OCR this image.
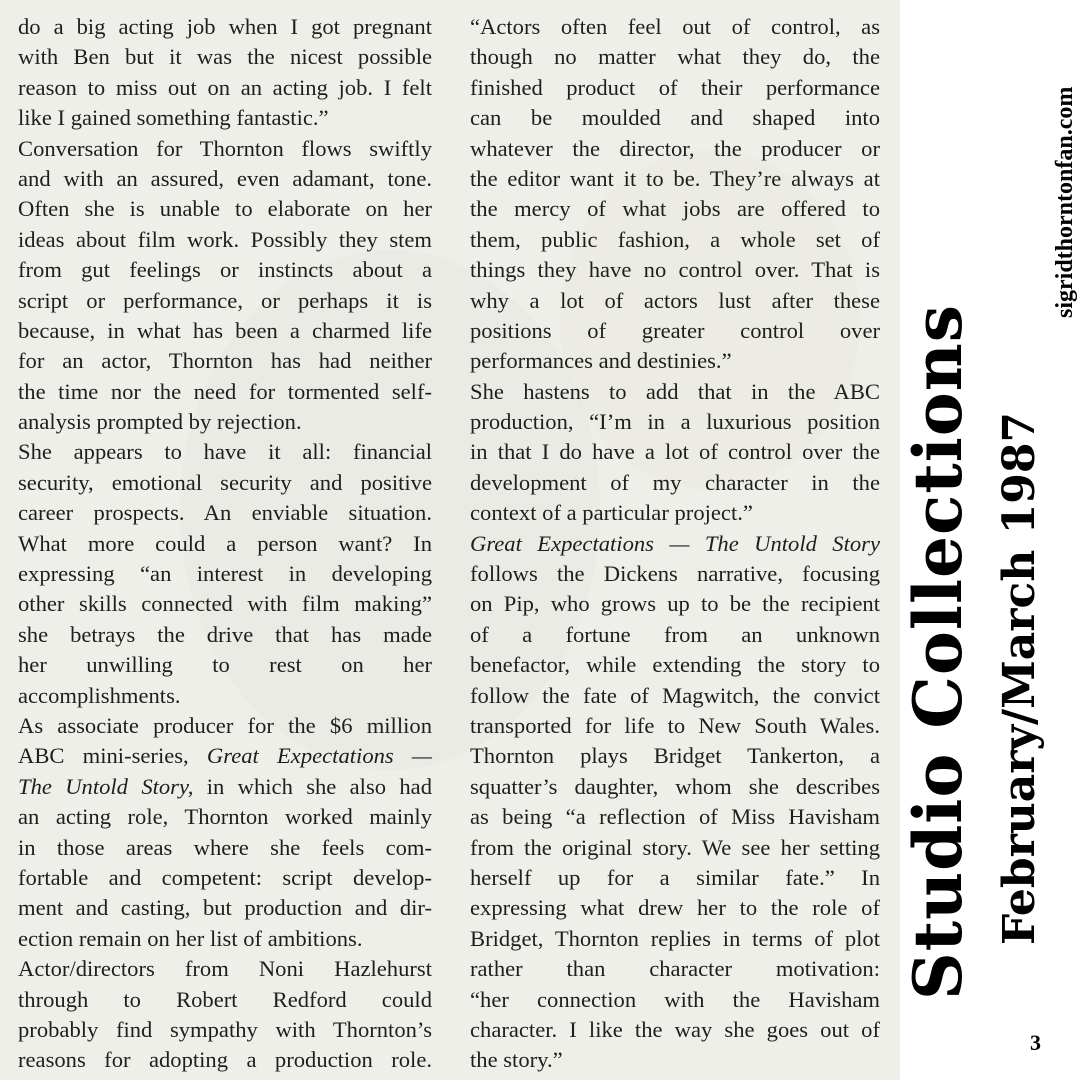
do a big acting job when I got pregnant
with Ben but it was the nicest possible
reason to miss out on an acting job. I felt
like I gained something fantastic.”
Conversation for Thornton flows swiftly
and with an assured, even adamant, tone.
Often she is unable to elaborate on her
ideas about film work. Possibly they stem
from gut feelings or instincts about a
script or performance, or perhaps it is
because, in what has been a charmed life
for an actor, Thornton has had neither
the time nor the need for tormented self-
analysis prompted by rejection.
She appears to have it all: financial
security, emotional security and positive
career prospects. An enviable situation.
What more could a person want? In
expressing “an interest in developing
other skills connected with film making”
she betrays the drive that has made
her unwilling to rest on her
accomplishments.
As associate producer for the $6 million
ABC mini-series, Great Expectations —
The Untold Story, in which she also had
an acting role, Thornton worked mainly
in those areas where she feels com-
fortable and competent: script develop-
ment and casting, but production and dir-
ection remain on her list of ambitions.
Actor/directors from Noni Hazlehurst
through to Robert Redford could
probably find sympathy with Thornton’s
reasons for adopting a production role.
“Actors often feel out of control, as
though no matter what they do, the
finished product of their performance
can be moulded and shaped into
whatever the director, the producer or
the editor want it to be. They’re always at
the mercy of what jobs are offered to
them, public fashion, a whole set of
things they have no control over. That is
why a lot of actors lust after these
positions of greater control over
performances and destinies.”
She hastens to add that in the ABC
production, “I’m in a luxurious position
in that I do have a lot of control over the
development of my character in the
context of a particular project.”
Great Expectations — The Untold Story
follows the Dickens narrative, focusing
on Pip, who grows up to be the recipient
of a fortune from an unknown
benefactor, while extending the story to
follow the fate of Magwitch, the convict
transported for life to New South Wales.
Thornton plays Bridget Tankerton, a
squatter’s daughter, whom she describes
as being “a reflection of Miss Havisham
from the original story. We see her setting
herself up for a similar fate.” In
expressing what drew her to the role of
Bridget, Thornton replies in terms of plot
rather than character motivation:
“her connection with the Havisham
character. I like the way she goes out of
the story.”
Studio Collections February/March 1987
sigridthorntonfan.com
3
